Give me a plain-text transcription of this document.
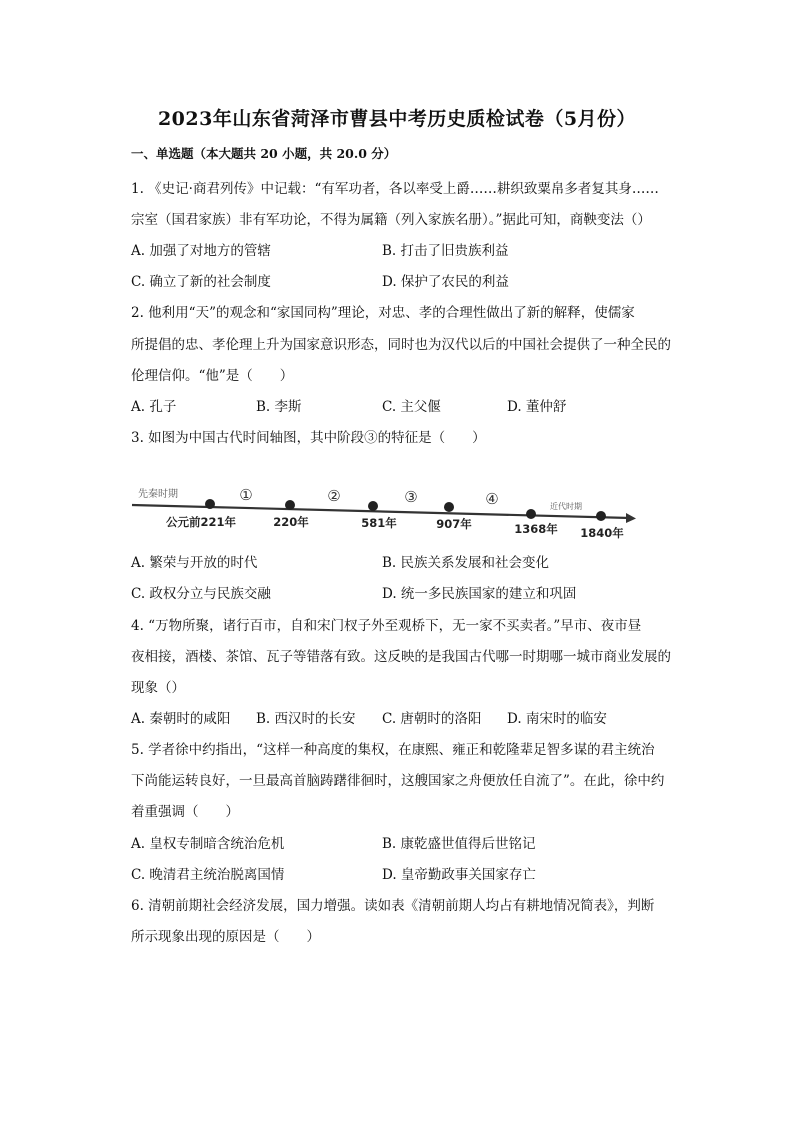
2023年山东省菏泽市曹县中考历史质检试卷（5月份）
一、单选题（本大题共 20 小题，共 20.0 分）
1. 《史记·商君列传》中记载：“有军功者，各以率受上爵……耕织致粟帛多者复其身……
宗室（国君家族）非有军功论，不得为属籍（列入家族名册）。”据此可知，商鞅变法（）
A. 加强了对地方的管辖	B. 打击了旧贵族利益
C. 确立了新的社会制度	D. 保护了农民的利益
2. 他利用“天”的观念和“家国同构”理论，对忠、孝的合理性做出了新的解释，使儒家
所提倡的忠、孝伦理上升为国家意识形态，同时也为汉代以后的中国社会提供了一种全民的
伦理信仰。“他”是（　　）
A. 孔子	B. 李斯	C. 主父偃	D. 董仲舒
3. 如图为中国古代时间轴图，其中阶段③的特征是（　　）
先秦时期
近代时期
①	②	③	④
公元前221年	220年	581年	907年	1368年 1840年
A. 繁荣与开放的时代	B. 民族关系发展和社会变化
C. 政权分立与民族交融	D. 统一多民族国家的建立和巩固
4. “万物所聚，诸行百市，自和宋门杈子外至观桥下，无一家不买卖者。”早市、夜市昼
夜相接，酒楼、茶馆、瓦子等错落有致。这反映的是我国古代哪一时期哪一城市商业发展的
现象（）
A. 秦朝时的咸阳 B. 西汉时的长安 C. 唐朝时的洛阳 D. 南宋时的临安
5. 学者徐中约指出，“这样一种高度的集权，在康熙、雍正和乾隆辈足智多谋的君主统治
下尚能运转良好，一旦最高首脑踌躇徘徊时，这艘国家之舟便放任自流了”。在此，徐中约
着重强调（　　）
A. 皇权专制暗含统治危机	B. 康乾盛世值得后世铭记
C. 晚清君主统治脱离国情	D. 皇帝勤政事关国家存亡
6. 清朝前期社会经济发展，国力增强。读如表《清朝前期人均占有耕地情况简表》，判断
所示现象出现的原因是（　　）
